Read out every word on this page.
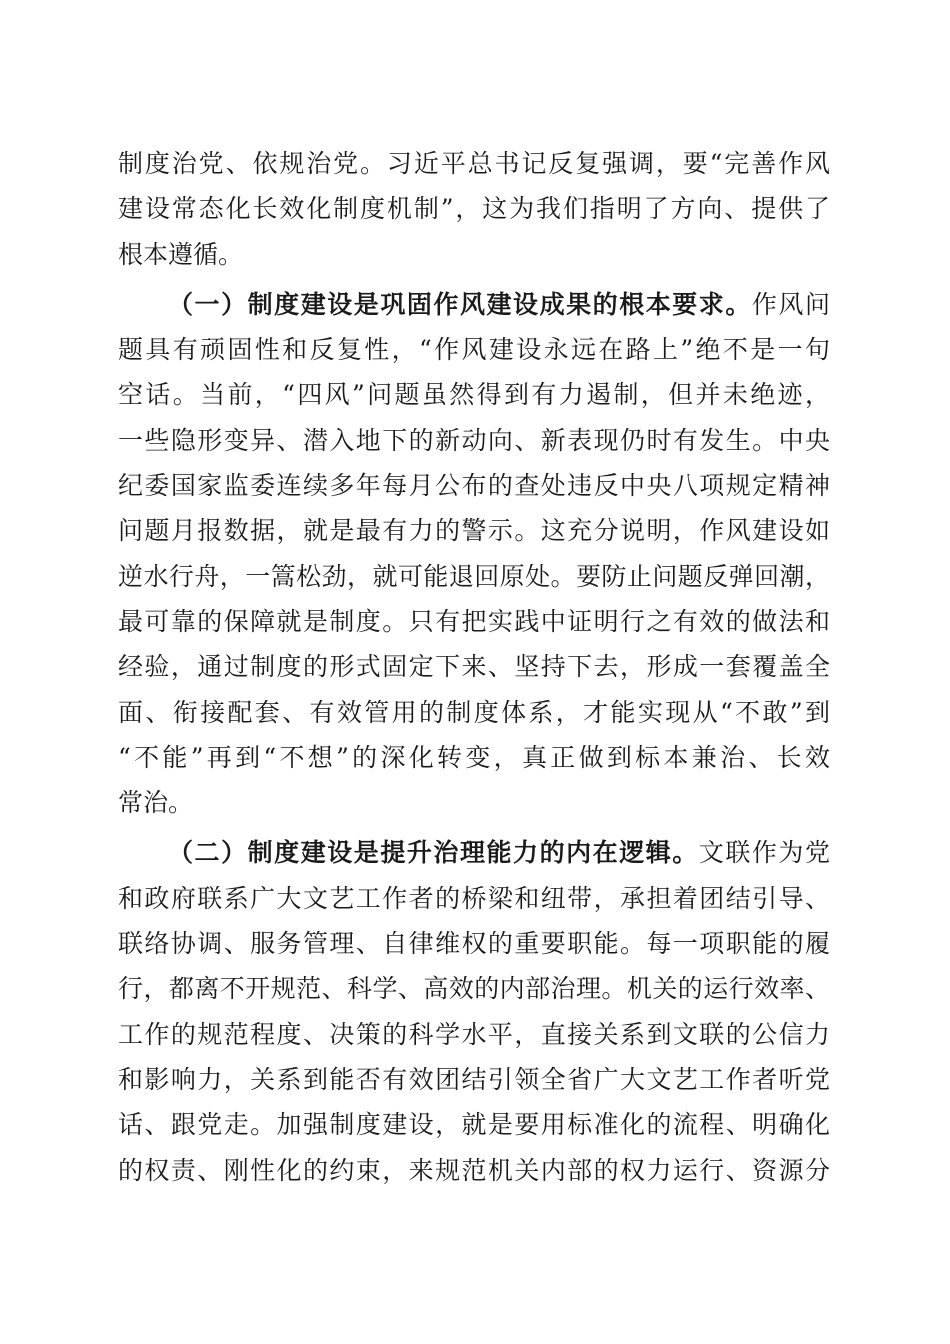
制度治党、依规治党。习近平总书记反复强调，要“完善作风
建设常态化长效化制度机制”，这为我们指明了方向、提供了
根本遵循。
（一）制度建设是巩固作风建设成果的根本要求。作风问
题具有顽固性和反复性，“作风建设永远在路上”绝不是一句
空话。当前，“四风”问题虽然得到有力遏制，但并未绝迹，
一些隐形变异、潜入地下的新动向、新表现仍时有发生。中央
纪委国家监委连续多年每月公布的查处违反中央八项规定精神
问题月报数据，就是最有力的警示。这充分说明，作风建设如
逆水行舟，一篙松劲，就可能退回原处。要防止问题反弹回潮，
最可靠的保障就是制度。只有把实践中证明行之有效的做法和
经验，通过制度的形式固定下来、坚持下去，形成一套覆盖全
面、衔接配套、有效管用的制度体系，才能实现从“不敢”到
“不能”再到“不想”的深化转变，真正做到标本兼治、长效
常治。
（二）制度建设是提升治理能力的内在逻辑。文联作为党
和政府联系广大文艺工作者的桥梁和纽带，承担着团结引导、
联络协调、服务管理、自律维权的重要职能。每一项职能的履
行，都离不开规范、科学、高效的内部治理。机关的运行效率、
工作的规范程度、决策的科学水平，直接关系到文联的公信力
和影响力，关系到能否有效团结引领全省广大文艺工作者听党
话、跟党走。加强制度建设，就是要用标准化的流程、明确化
的权责、刚性化的约束，来规范机关内部的权力运行、资源分
